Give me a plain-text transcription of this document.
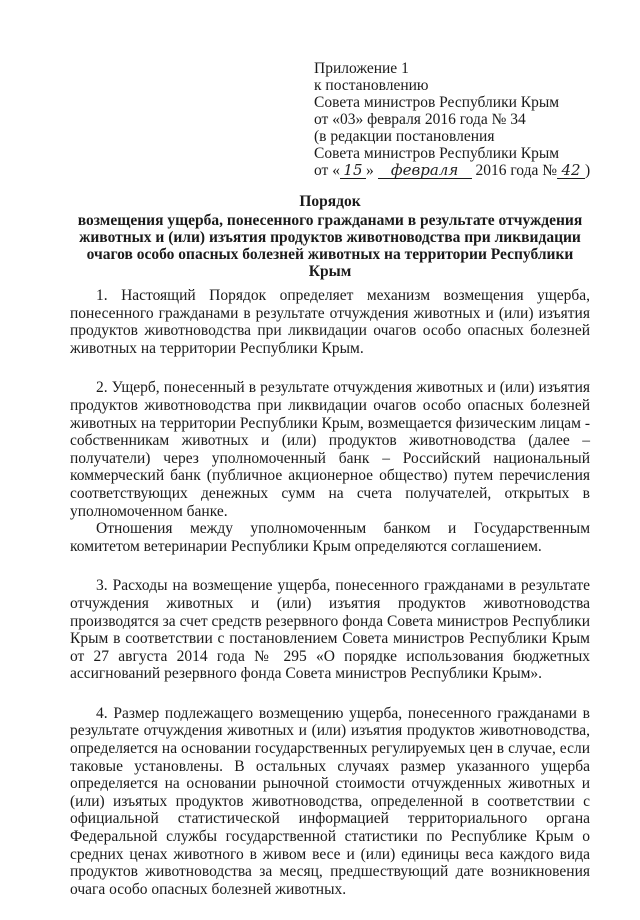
Приложение 1
к постановлению
Совета министров Республики Крым
от «03» февраля 2016 года № 34
(в редакции постановления
Совета министров Республики Крым
от « 15 » февраля 2016 года № 42 )
Порядок
возмещения ущерба, понесенного гражданами в результате отчуждения животных и (или) изъятия продуктов животноводства при ликвидации очагов особо опасных болезней животных на территории Республики Крым

1. Настоящий Порядок определяет механизм возмещения ущерба, понесенного гражданами в результате отчуждения животных и (или) изъятия продуктов животноводства при ликвидации очагов особо опасных болезней животных на территории Республики Крым.

2. Ущерб, понесенный в результате отчуждения животных и (или) изъятия продуктов животноводства при ликвидации очагов особо опасных болезней животных на территории Республики Крым, возмещается физическим лицам - собственникам животных и (или) продуктов животноводства (далее – получатели) через уполномоченный банк – Российский национальный коммерческий банк (публичное акционерное общество) путем перечисления соответствующих денежных сумм на счета получателей, открытых в уполномоченном банке.

Отношения между уполномоченным банком и Государственным комитетом ветеринарии Республики Крым определяются соглашением.

3. Расходы на возмещение ущерба, понесенного гражданами в результате отчуждения животных и (или) изъятия продуктов животноводства производятся за счет средств резервного фонда Совета министров Республики Крым в соответствии с постановлением Совета министров Республики Крым от 27 августа 2014 года № 295 «О порядке использования бюджетных ассигнований резервного фонда Совета министров Республики Крым».

4. Размер подлежащего возмещению ущерба, понесенного гражданами в результате отчуждения животных и (или) изъятия продуктов животноводства, определяется на основании государственных регулируемых цен в случае, если таковые установлены. В остальных случаях размер указанного ущерба определяется на основании рыночной стоимости отчужденных животных и (или) изъятых продуктов животноводства, определенной в соответствии с официальной статистической информацией территориального органа Федеральной службы государственной статистики по Республике Крым о средних ценах животного в живом весе и (или) единицы веса каждого вида продуктов животноводства за месяц, предшествующий дате возникновения очага особо опасных болезней животных.
